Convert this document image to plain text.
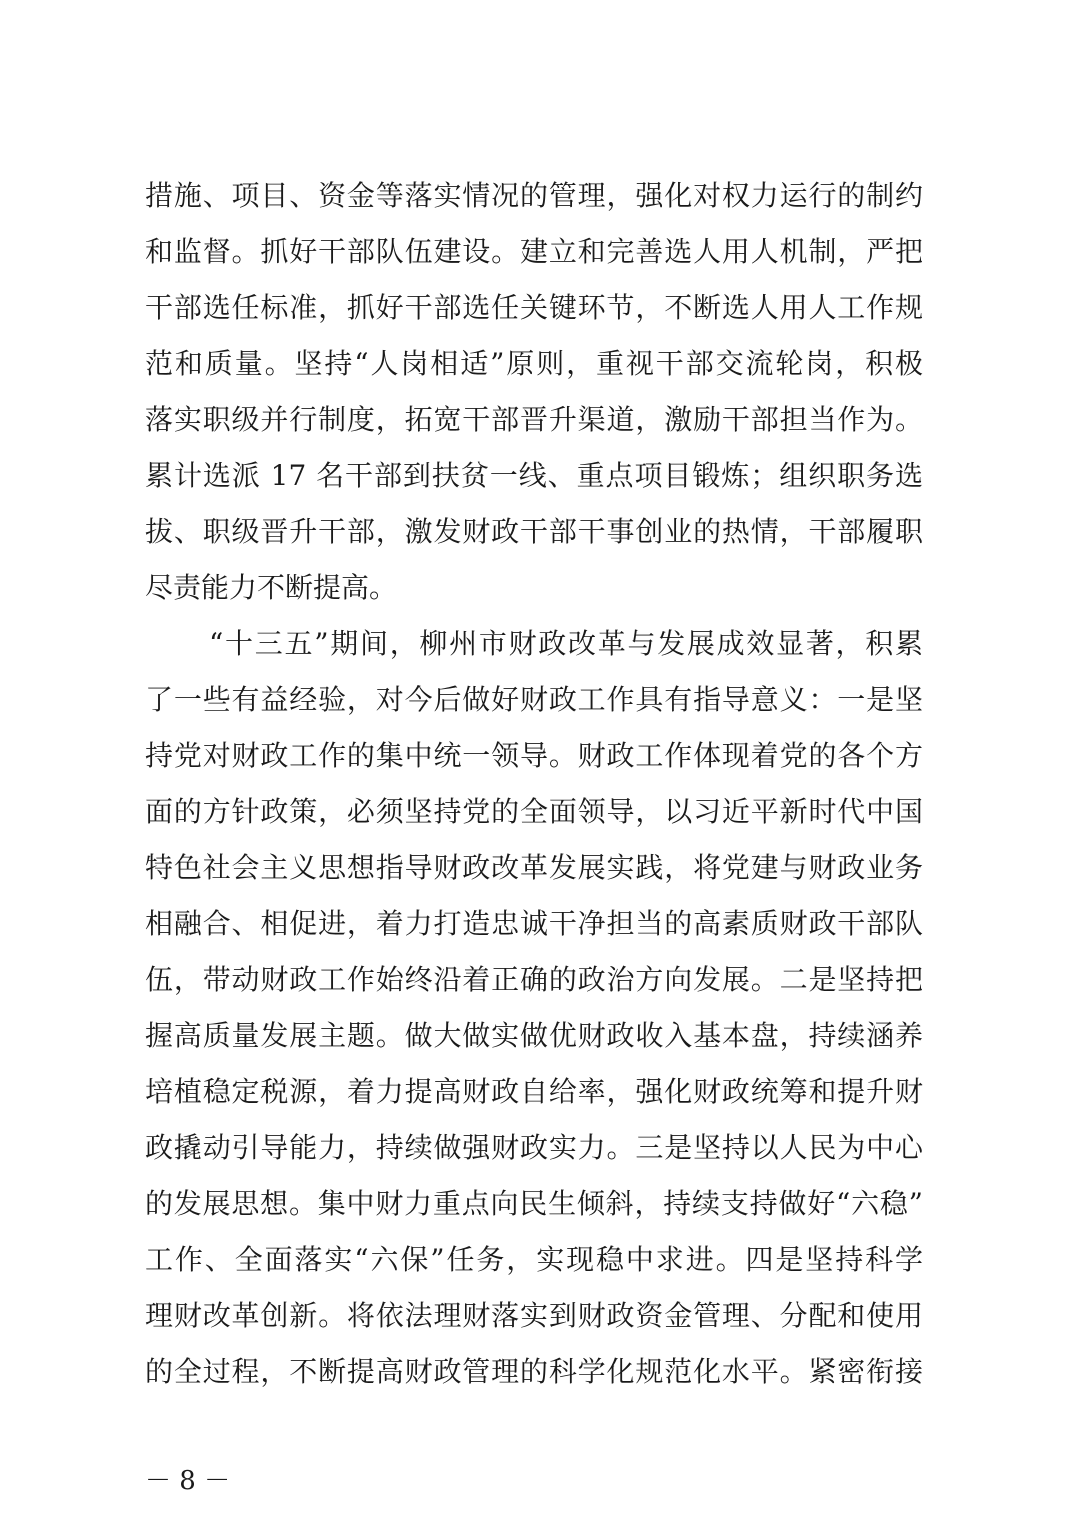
措施、项目、资金等落实情况的管理，强化对权力运行的制约
和监督。抓好干部队伍建设。建立和完善选人用人机制，严把
干部选任标准，抓好干部选任关键环节，不断选人用人工作规
范和质量。坚持“人岗相适”原则，重视干部交流轮岗，积极
落实职级并行制度，拓宽干部晋升渠道，激励干部担当作为。
累计选派 17 名干部到扶贫一线、重点项目锻炼；组织职务选
拔、职级晋升干部，激发财政干部干事创业的热情，干部履职
尽责能力不断提高。
“十三五”期间，柳州市财政改革与发展成效显著，积累
了一些有益经验，对今后做好财政工作具有指导意义：一是坚
持党对财政工作的集中统一领导。财政工作体现着党的各个方
面的方针政策，必须坚持党的全面领导，以习近平新时代中国
特色社会主义思想指导财政改革发展实践，将党建与财政业务
相融合、相促进，着力打造忠诚干净担当的高素质财政干部队
伍，带动财政工作始终沿着正确的政治方向发展。二是坚持把
握高质量发展主题。做大做实做优财政收入基本盘，持续涵养
培植稳定税源，着力提高财政自给率，强化财政统筹和提升财
政撬动引导能力，持续做强财政实力。三是坚持以人民为中心
的发展思想。集中财力重点向民生倾斜，持续支持做好“六稳”
工作、全面落实“六保”任务，实现稳中求进。四是坚持科学
理财改革创新。将依法理财落实到财政资金管理、分配和使用
的全过程，不断提高财政管理的科学化规范化水平。紧密衔接
－ 8 －
